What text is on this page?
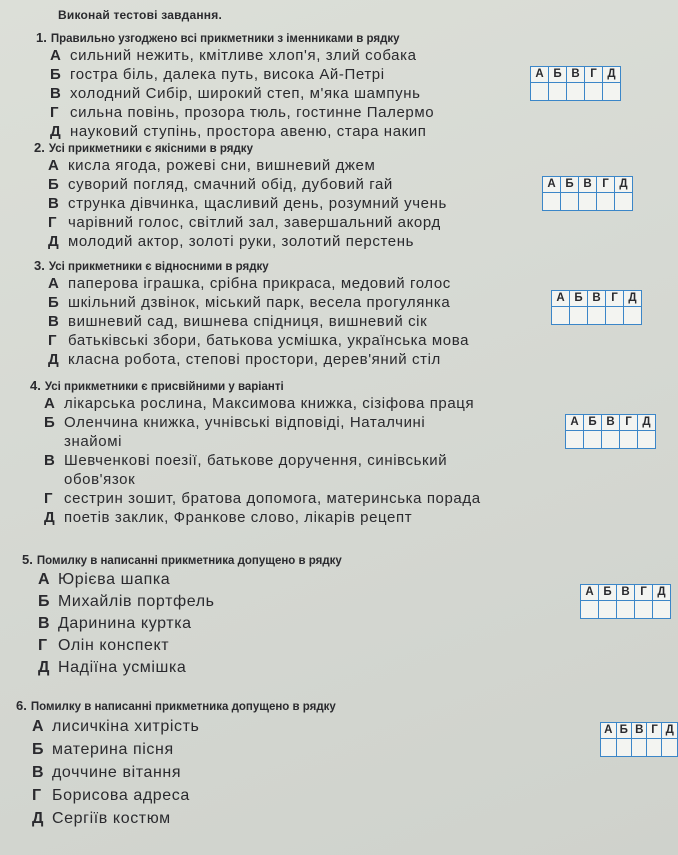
Виконай тестові завдання.
1. Правильно узгоджено всі прикметники з іменниками в рядку
А сильний нежить, кмітливе хлоп'я, злий собака
Б гостра біль, далека путь, висока Ай-Петрі
В холодний Сибір, широкий степ, м'яка шампунь
Г сильна повінь, прозора тюль, гостинне Палермо
Д науковий ступінь, простора авеню, стара накип
А	Б	В	Г	Д

2. Усі прикметники є якісними в рядку
А кисла ягода, рожеві сни, вишневий джем
Б суворий погляд, смачний обід, дубовий гай
В струнка дівчинка, щасливий день, розумний учень
Г чарівний голос, світлий зал, завершальний акорд
Д молодий актор, золоті руки, золотий перстень
А	Б	В	Г	Д

3. Усі прикметники є відносними в рядку
А паперова іграшка, срібна прикраса, медовий голос
Б шкільний дзвінок, міський парк, весела прогулянка
В вишневий сад, вишнева спідниця, вишневий сік
Г батьківські збори, батькова усмішка, українська мова
Д класна робота, степові простори, дерев'яний стіл
А	Б	В	Г	Д

4. Усі прикметники є присвійними у варіанті
А лікарська рослина, Максимова книжка, сізіфова праця
Б Оленчина книжка, учнівські відповіді, Наталчині
знайомі
В Шевченкові поезії, батькове доручення, синівський
обов'язок
Г сестрин зошит, братова допомога, материнська порада
Д поетів заклик, Франкове слово, лікарів рецепт
А	Б	В	Г	Д

5. Помилку в написанні прикметника допущено в рядку
А Юрієва шапка
Б Михайлів портфель
В Даринина куртка
Г Олін конспект
Д Надіїна усмішка
А	Б	В	Г	Д

6. Помилку в написанні прикметника допущено в рядку
А лисичкіна хитрість
Б материна пісня
В доччине вітання
Г Борисова адреса
Д Сергіїв костюм
А	Б	В	Г	Д
